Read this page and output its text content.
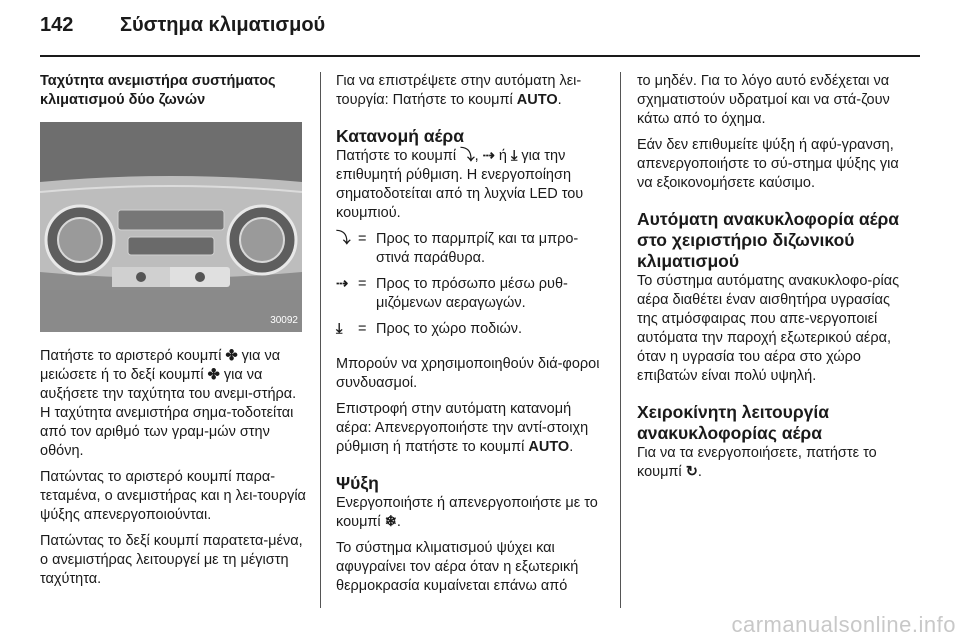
142	Σύστημα κλιματισμού
Ταχύτητα ανεμιστήρα συστήματος κλιματισμού δύο ζωνών
30092

Πατήστε το αριστερό κουμπί ✤ για να μειώσετε ή το δεξί κουμπί ✤ για να αυξήσετε την ταχύτητα του ανεμι-στήρα. Η ταχύτητα ανεμιστήρα σημα-τοδοτείται από τον αριθμό των γραμ-μών στην οθόνη.

Πατώντας το αριστερό κουμπί παρα-τεταμένα, ο ανεμιστήρας και η λει-τουργία ψύξης απενεργοποιούνται.

Πατώντας το δεξί κουμπί παρατετα-μένα, ο ανεμιστήρας λειτουργεί με τη μέγιστη ταχύτητα.

Για να επιστρέψετε στην αυτόματη λει-τουργία: Πατήστε το κουμπί AUTO.

Κατανομή αέρα

Πατήστε το κουμπί ⤵, ⇢ ή ⤓ για την επιθυμητή ρύθμιση. Η ενεργοποίηση σηματοδοτείται από τη λυχνία LED του κουμπιού.

⤵ = Προς το παρμπρίζ και τα μπρο-στινά παράθυρα.
⇢ = Προς το πρόσωπο μέσω ρυθ-μιζόμενων αεραγωγών.
⤓	= Προς το χώρο ποδιών.

Μπορούν να χρησιμοποιηθούν διά-φοροι συνδυασμοί.

Επιστροφή στην αυτόματη κατανομή αέρα: Απενεργοποιήστε την αντί-στοιχη ρύθμιση ή πατήστε το κουμπί AUTO.

Ψύξη

Ενεργοποιήστε ή απενεργοποιήστε με το κουμπί ❄.

Το σύστημα κλιματισμού ψύχει και αφυγραίνει τον αέρα όταν η εξωτερική θερμοκρασία κυμαίνεται επάνω από

το μηδέν. Για το λόγο αυτό ενδέχεται να σχηματιστούν υδρατμοί και να στά-ζουν κάτω από το όχημα.

Εάν δεν επιθυμείτε ψύξη ή αφύ-γρανση, απενεργοποιήστε το σύ-στημα ψύξης για να εξοικονομήσετε καύσιμο.

Αυτόματη ανακυκλοφορία αέρα στο χειριστήριο διζωνικού κλιματισμού

Το σύστημα αυτόματης ανακυκλοφο-ρίας αέρα διαθέτει έναν αισθητήρα υγρασίας της ατμόσφαιρας που απε-νεργοποιεί αυτόματα την παροχή εξωτερικού αέρα, όταν η υγρασία του αέρα στο χώρο επιβατών είναι πολύ υψηλή.

Χειροκίνητη λειτουργία ανακυκλοφορίας αέρα

Για να τα ενεργοποιήσετε, πατήστε το κουμπί ↻.

carmanualsonline.info
